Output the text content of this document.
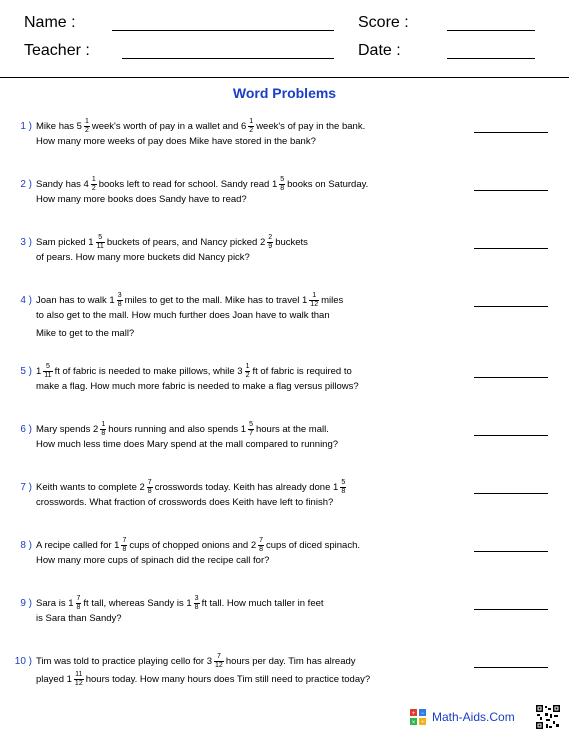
Name :
Teacher :
Score :
Date :
Word Problems
1 ) Mike has $5 \frac{1}{2}$ week's worth of pay in a wallet and $6 \frac{1}{2}$ week's of pay in the bank.
How many more weeks of pay does Mike have stored in the bank?
2 ) Sandy has $4 \frac{1}{2}$ books left to read for school. Sandy read $1 \frac{5}{8}$ books on Saturday.
How many more books does Sandy have to read?
3 ) Sam picked $1 \frac{5}{11}$ buckets of pears, and Nancy picked $2 \frac{2}{9}$ buckets
of pears. How many more buckets did Nancy pick?
4 ) Joan has to walk $1 \frac{3}{8}$ miles to get to the mall. Mike has to travel $1 \frac{1}{12}$ miles
to also get to the mall. How much further does Joan have to walk than
Mike to get to the mall?
5 ) $1 \frac{5}{11}$ ft of fabric is needed to make pillows, while $3 \frac{1}{2}$ ft of fabric is required to
make a flag. How much more fabric is needed to make a flag versus pillows?
6 ) Mary spends $2 \frac{1}{8}$ hours running and also spends $1 \frac{5}{7}$ hours at the mall.
How much less time does Mary spend at the mall compared to running?
7 ) Keith wants to complete $2 \frac{7}{8}$ crosswords today. Keith has already done $1 \frac{5}{8}$
crosswords. What fraction of crosswords does Keith have left to finish?
8 ) A recipe called for $1 \frac{7}{8}$ cups of chopped onions and $2 \frac{7}{8}$ cups of diced spinach.
How many more cups of spinach did the recipe call for?
9 ) Sara is $1 \frac{7}{8}$ ft tall, whereas Sandy is $1 \frac{3}{8}$ ft tall. How much taller in feet
is Sara than Sandy?
10 ) Tim was told to practice playing cello for $3 \frac{7}{12}$ hours per day. Tim has already
played $1 \frac{11}{12}$ hours today. How many hours does Tim still need to practice today?
+ −
× ÷ Math-Aids.Com
